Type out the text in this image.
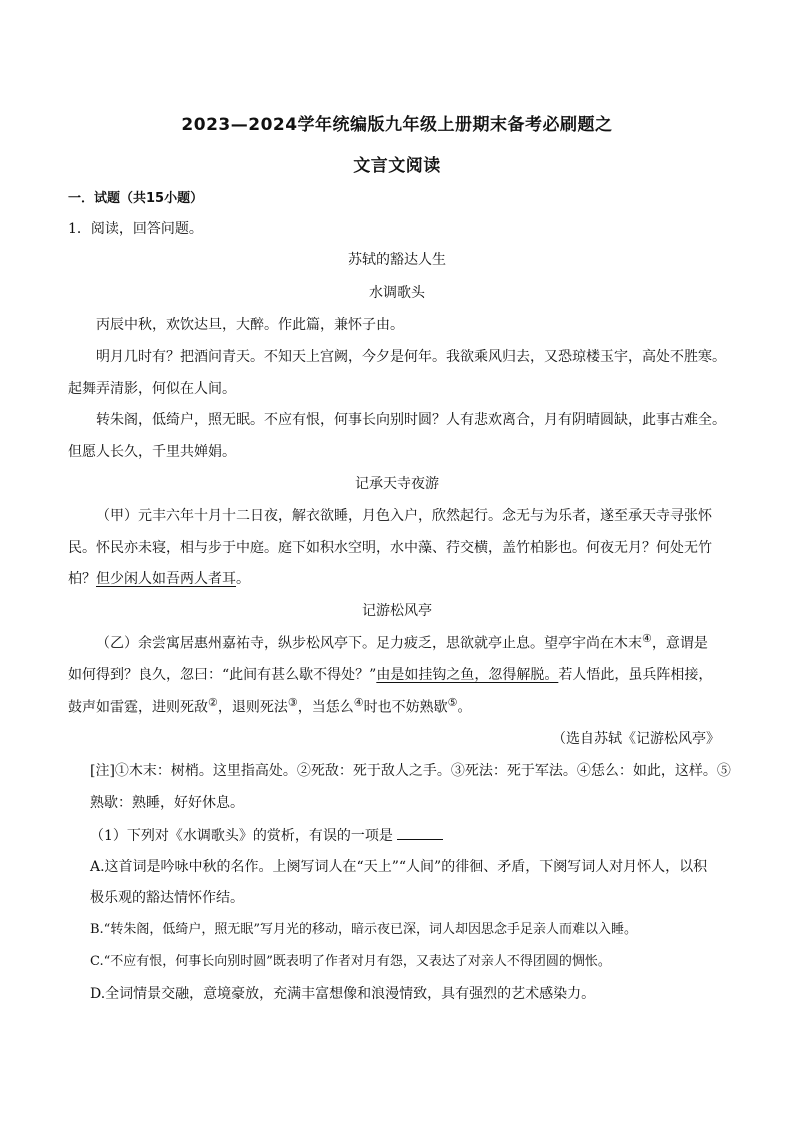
2023—2024学年统编版九年级上册期末备考必刷题之
文言文阅读
一．试题（共15小题）
1．阅读，回答问题。
苏轼的豁达人生
水调歌头
丙辰中秋，欢饮达旦，大醉。作此篇，兼怀子由。
明月几时有？把酒问青天。不知天上宫阙，今夕是何年。我欲乘风归去，又恐琼楼玉宇，高处不胜寒。
起舞弄清影，何似在人间。
转朱阁，低绮户，照无眠。不应有恨，何事长向别时圆？人有悲欢离合，月有阴晴圆缺，此事古难全。
但愿人长久，千里共婵娟。
记承天寺夜游
（甲）元丰六年十月十二日夜，解衣欲睡，月色入户，欣然起行。念无与为乐者，遂至承天寺寻张怀
民。怀民亦未寝，相与步于中庭。庭下如积水空明，水中藻、荇交横，盖竹柏影也。何夜无月？何处无竹
柏？但少闲人如吾两人者耳。
记游松风亭
（乙）余尝寓居惠州嘉祐寺，纵步松风亭下。足力疲乏，思欲就亭止息。望亭宇尚在木末④，意谓是
如何得到？良久，忽曰：“此间有甚么歇不得处？”由是如挂钩之鱼，忽得解脱。若人悟此，虽兵阵相接，
鼓声如雷霆，进则死敌②，退则死法③，当恁么④时也不妨熟歇⑤。
（选自苏轼《记游松风亭》
[注]①木末：树梢。这里指高处。②死敌：死于敌人之手。③死法：死于军法。④恁么：如此，这样。⑤
熟歇：熟睡，好好休息。
（1）下列对《水调歌头》的赏析，有误的一项是
A.这首词是吟咏中秋的名作。上阕写词人在“天上”“人间”的徘徊、矛盾，下阕写词人对月怀人，以积
极乐观的豁达情怀作结。
B.“转朱阁，低绮户，照无眠”写月光的移动，暗示夜已深，词人却因思念手足亲人而难以入睡。
C.“不应有恨，何事长向别时圆”既表明了作者对月有怨，又表达了对亲人不得团圆的惆怅。
D.全词情景交融，意境豪放，充满丰富想像和浪漫情致，具有强烈的艺术感染力。
